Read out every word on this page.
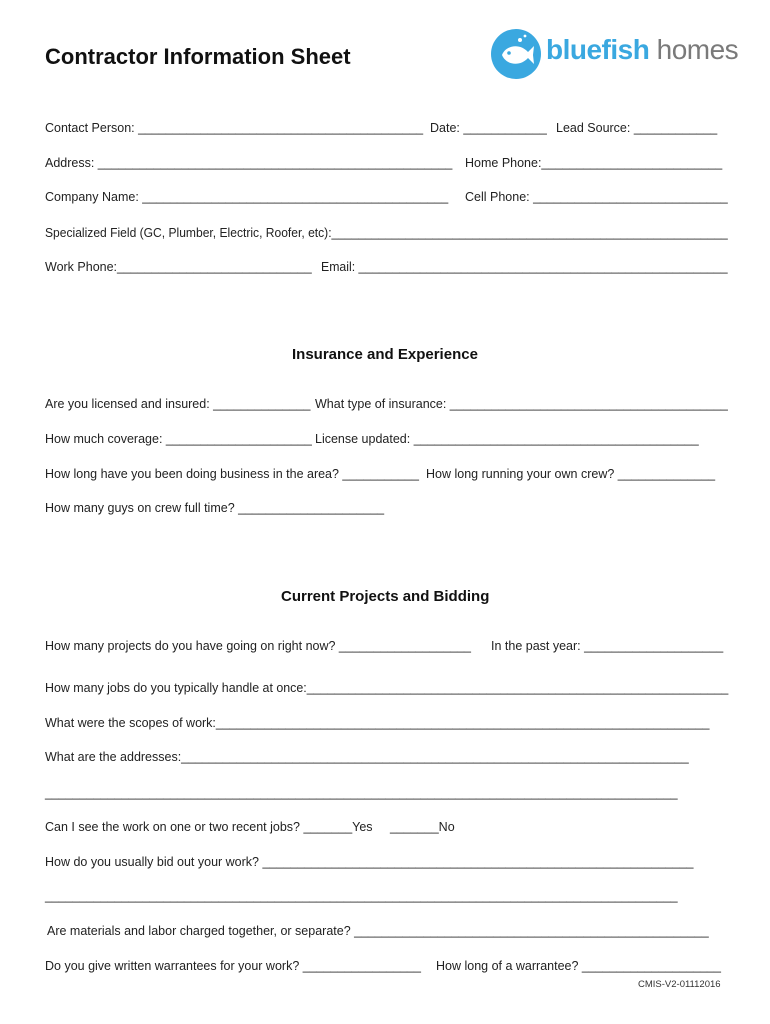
Contractor Information Sheet	bluefish homes
Contact Person: _________________________________________ Date: ____________ Lead Source: ____________
Address: ___________________________________________________ Home Phone:__________________________
Company Name: ____________________________________________ Cell Phone: ____________________________
Specialized Field (GC, Plumber, Electric, Roofer, etc):___________________________________________________________
Work Phone:____________________________ Email: ______________________________________________________
Insurance and Experience
Are you licensed and insured: ______________ What type of insurance: ________________________________________
How much coverage: _____________________ License updated: _________________________________________
How long have you been doing business in the area? ___________ How long running your own crew? ______________
How many guys on crew full time? _____________________
Current Projects and Bidding
How many projects do you have going on right now? ___________________ In the past year: ____________________
How many jobs do you typically handle at once:_____________________________________________________________
What were the scopes of work:_______________________________________________________________________
What are the addresses:_________________________________________________________________________
___________________________________________________________________________________________
Can I see the work on one or two recent jobs? _______Yes _______No
How do you usually bid out your work? ______________________________________________________________
___________________________________________________________________________________________
Are materials and labor charged together, or separate? ___________________________________________________
Do you give written warrantees for your work? _________________ How long of a warrantee? ____________________
CMIS-V2-01112016
